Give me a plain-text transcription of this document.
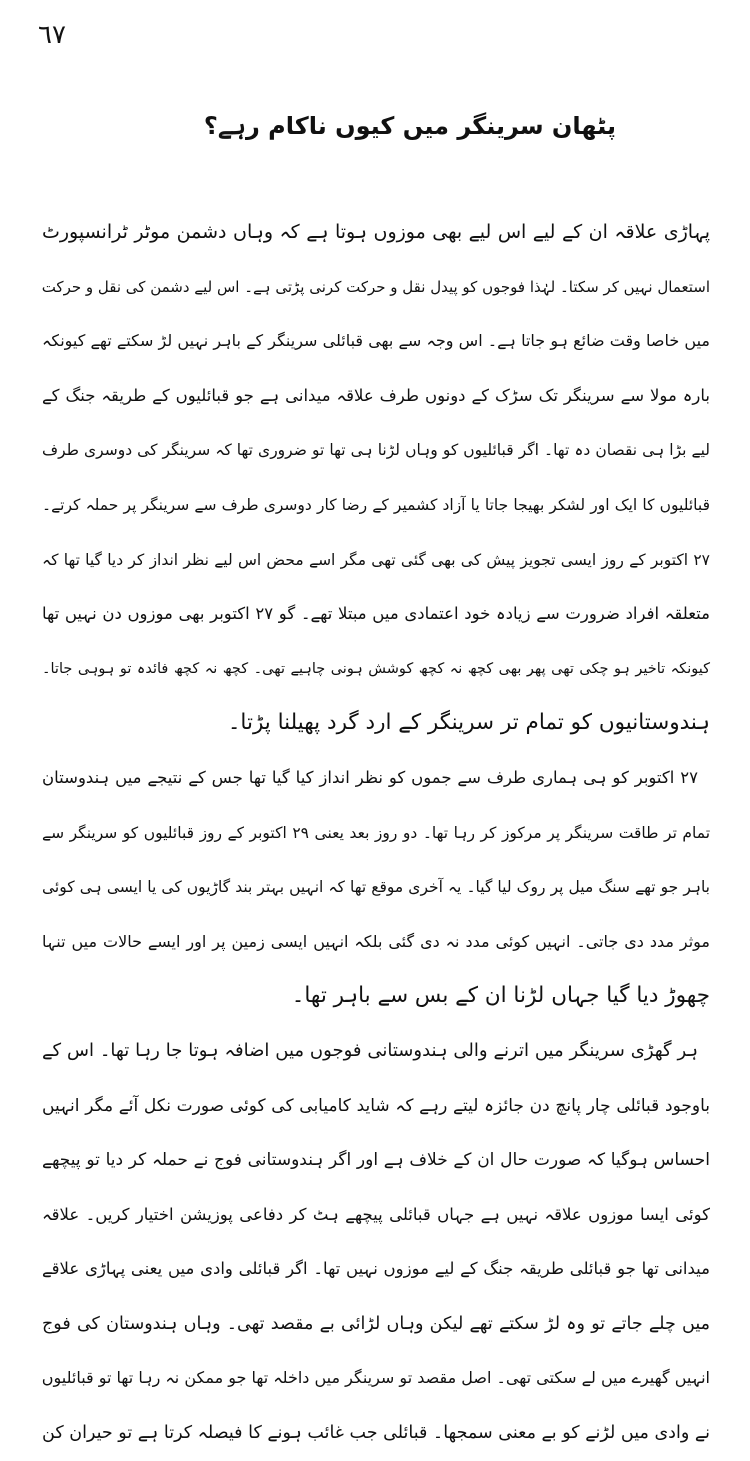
٦٧
پٹھان سرینگر میں کیوں ناکام رہے؟
پہاڑی علاقہ ان کے لیے اس لیے بھی موزوں ہوتا ہے کہ وہاں دشمن موٹر ٹرانسپورٹ
استعمال نہیں کر سکتا۔ لہٰذا فوجوں کو پیدل نقل و حرکت کرنی پڑتی ہے۔ اس لیے دشمن کی نقل و حرکت
میں خاصا وقت ضائع ہو جاتا ہے۔ اس وجہ سے بھی قبائلی سرینگر کے باہر نہیں لڑ سکتے تھے کیونکہ
بارہ مولا سے سرینگر تک سڑک کے دونوں طرف علاقہ میدانی ہے جو قبائلیوں کے طریقہ جنگ کے
لیے بڑا ہی نقصان دہ تھا۔ اگر قبائلیوں کو وہاں لڑنا ہی تھا تو ضروری تھا کہ سرینگر کی دوسری طرف
قبائلیوں کا ایک اور لشکر بھیجا جاتا یا آزاد کشمیر کے رضا کار دوسری طرف سے سرینگر پر حملہ کرتے۔
۲۷ اکتوبر کے روز ایسی تجویز پیش کی بھی گئی تھی مگر اسے محض اس لیے نظر انداز کر دیا گیا تھا کہ
متعلقہ افراد ضرورت سے زیادہ خود اعتمادی میں مبتلا تھے۔ گو ۲۷ اکتوبر بھی موزوں دن نہیں تھا
کیونکہ تاخیر ہو چکی تھی پھر بھی کچھ نہ کچھ کوشش ہونی چاہیے تھی۔ کچھ نہ کچھ فائدہ تو ہوہی جاتا۔
ہندوستانیوں کو تمام تر سرینگر کے ارد گرد پھیلنا پڑتا۔
۲۷ اکتوبر کو ہی ہماری طرف سے جموں کو نظر انداز کیا گیا تھا جس کے نتیجے میں ہندوستان
تمام تر طاقت سرینگر پر مرکوز کر رہا تھا۔ دو روز بعد یعنی ۲۹ اکتوبر کے روز قبائلیوں کو سرینگر سے
باہر جو تھے سنگ میل پر روک لیا گیا۔ یہ آخری موقع تھا کہ انہیں بہتر بند گاڑیوں کی یا ایسی ہی کوئی
موثر مدد دی جاتی۔ انہیں کوئی مدد نہ دی گئی بلکہ انہیں ایسی زمین پر اور ایسے حالات میں تنہا
چھوڑ دیا گیا جہاں لڑنا ان کے بس سے باہر تھا۔
ہر گھڑی سرینگر میں اترنے والی ہندوستانی فوجوں میں اضافہ ہوتا جا رہا تھا۔ اس کے
باوجود قبائلی چار پانچ دن جائزہ لیتے رہے کہ شاید کامیابی کی کوئی صورت نکل آئے مگر انہیں
احساس ہوگیا کہ صورت حال ان کے خلاف ہے اور اگر ہندوستانی فوج نے حملہ کر دیا تو پیچھے
کوئی ایسا موزوں علاقہ نہیں ہے جہاں قبائلی پیچھے ہٹ کر دفاعی پوزیشن اختیار کریں۔ علاقہ
میدانی تھا جو قبائلی طریقہ جنگ کے لیے موزوں نہیں تھا۔ اگر قبائلی وادی میں یعنی پہاڑی علاقے
میں چلے جاتے تو وہ لڑ سکتے تھے لیکن وہاں لڑائی بے مقصد تھی۔ وہاں ہندوستان کی فوج
انہیں گھیرے میں لے سکتی تھی۔ اصل مقصد تو سرینگر میں داخلہ تھا جو ممکن نہ رہا تھا تو قبائلیوں
نے وادی میں لڑنے کو بے معنی سمجھا۔ قبائلی جب غائب ہونے کا فیصلہ کرتا ہے تو حیران کن
